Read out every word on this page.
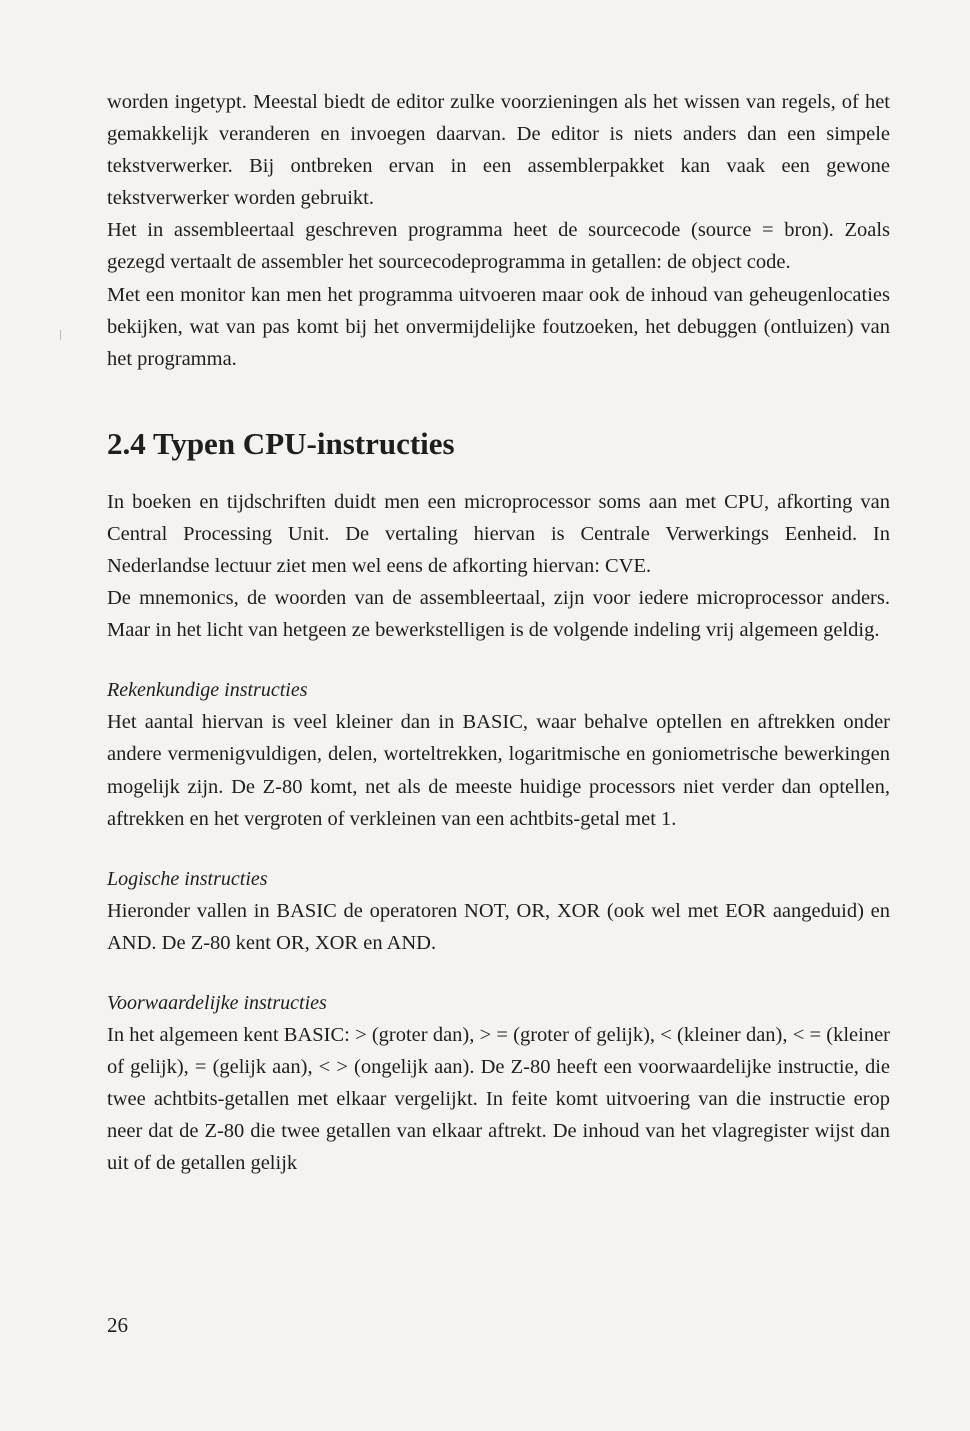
worden ingetypt. Meestal biedt de editor zulke voorzieningen als het wissen van regels, of het gemakkelijk veranderen en invoegen daarvan. De editor is niets anders dan een simpele tekstverwerker. Bij ontbreken ervan in een assemblerpakket kan vaak een gewone tekstverwerker worden gebruikt.

Het in assembleertaal geschreven programma heet de sourcecode (source = bron). Zoals gezegd vertaalt de assembler het sourcecodeprogramma in getallen: de object code.

Met een monitor kan men het programma uitvoeren maar ook de inhoud van geheugenlocaties bekijken, wat van pas komt bij het onvermijdelijke foutzoeken, het debuggen (ontluizen) van het programma.

2.4 Typen CPU-instructies

In boeken en tijdschriften duidt men een microprocessor soms aan met CPU, afkorting van Central Processing Unit. De vertaling hiervan is Centrale Verwerkings Eenheid. In Nederlandse lectuur ziet men wel eens de afkorting hiervan: CVE.

De mnemonics, de woorden van de assembleertaal, zijn voor iedere microprocessor anders. Maar in het licht van hetgeen ze bewerkstelligen is de volgende indeling vrij algemeen geldig.

Rekenkundige instructies

Het aantal hiervan is veel kleiner dan in BASIC, waar behalve optellen en aftrekken onder andere vermenigvuldigen, delen, worteltrekken, logaritmische en goniometrische bewerkingen mogelijk zijn. De Z-80 komt, net als de meeste huidige processors niet verder dan optellen, aftrekken en het vergroten of verkleinen van een achtbits-getal met 1.

Logische instructies

Hieronder vallen in BASIC de operatoren NOT, OR, XOR (ook wel met EOR aangeduid) en AND. De Z-80 kent OR, XOR en AND.

Voorwaardelijke instructies

In het algemeen kent BASIC: > (groter dan), > = (groter of gelijk), < (kleiner dan), < = (kleiner of gelijk), = (gelijk aan), < > (ongelijk aan). De Z-80 heeft een voorwaardelijke instructie, die twee achtbits-getallen met elkaar vergelijkt. In feite komt uitvoering van die instructie erop neer dat de Z-80 die twee getallen van elkaar aftrekt. De inhoud van het vlagregister wijst dan uit of de getallen gelijk

26
